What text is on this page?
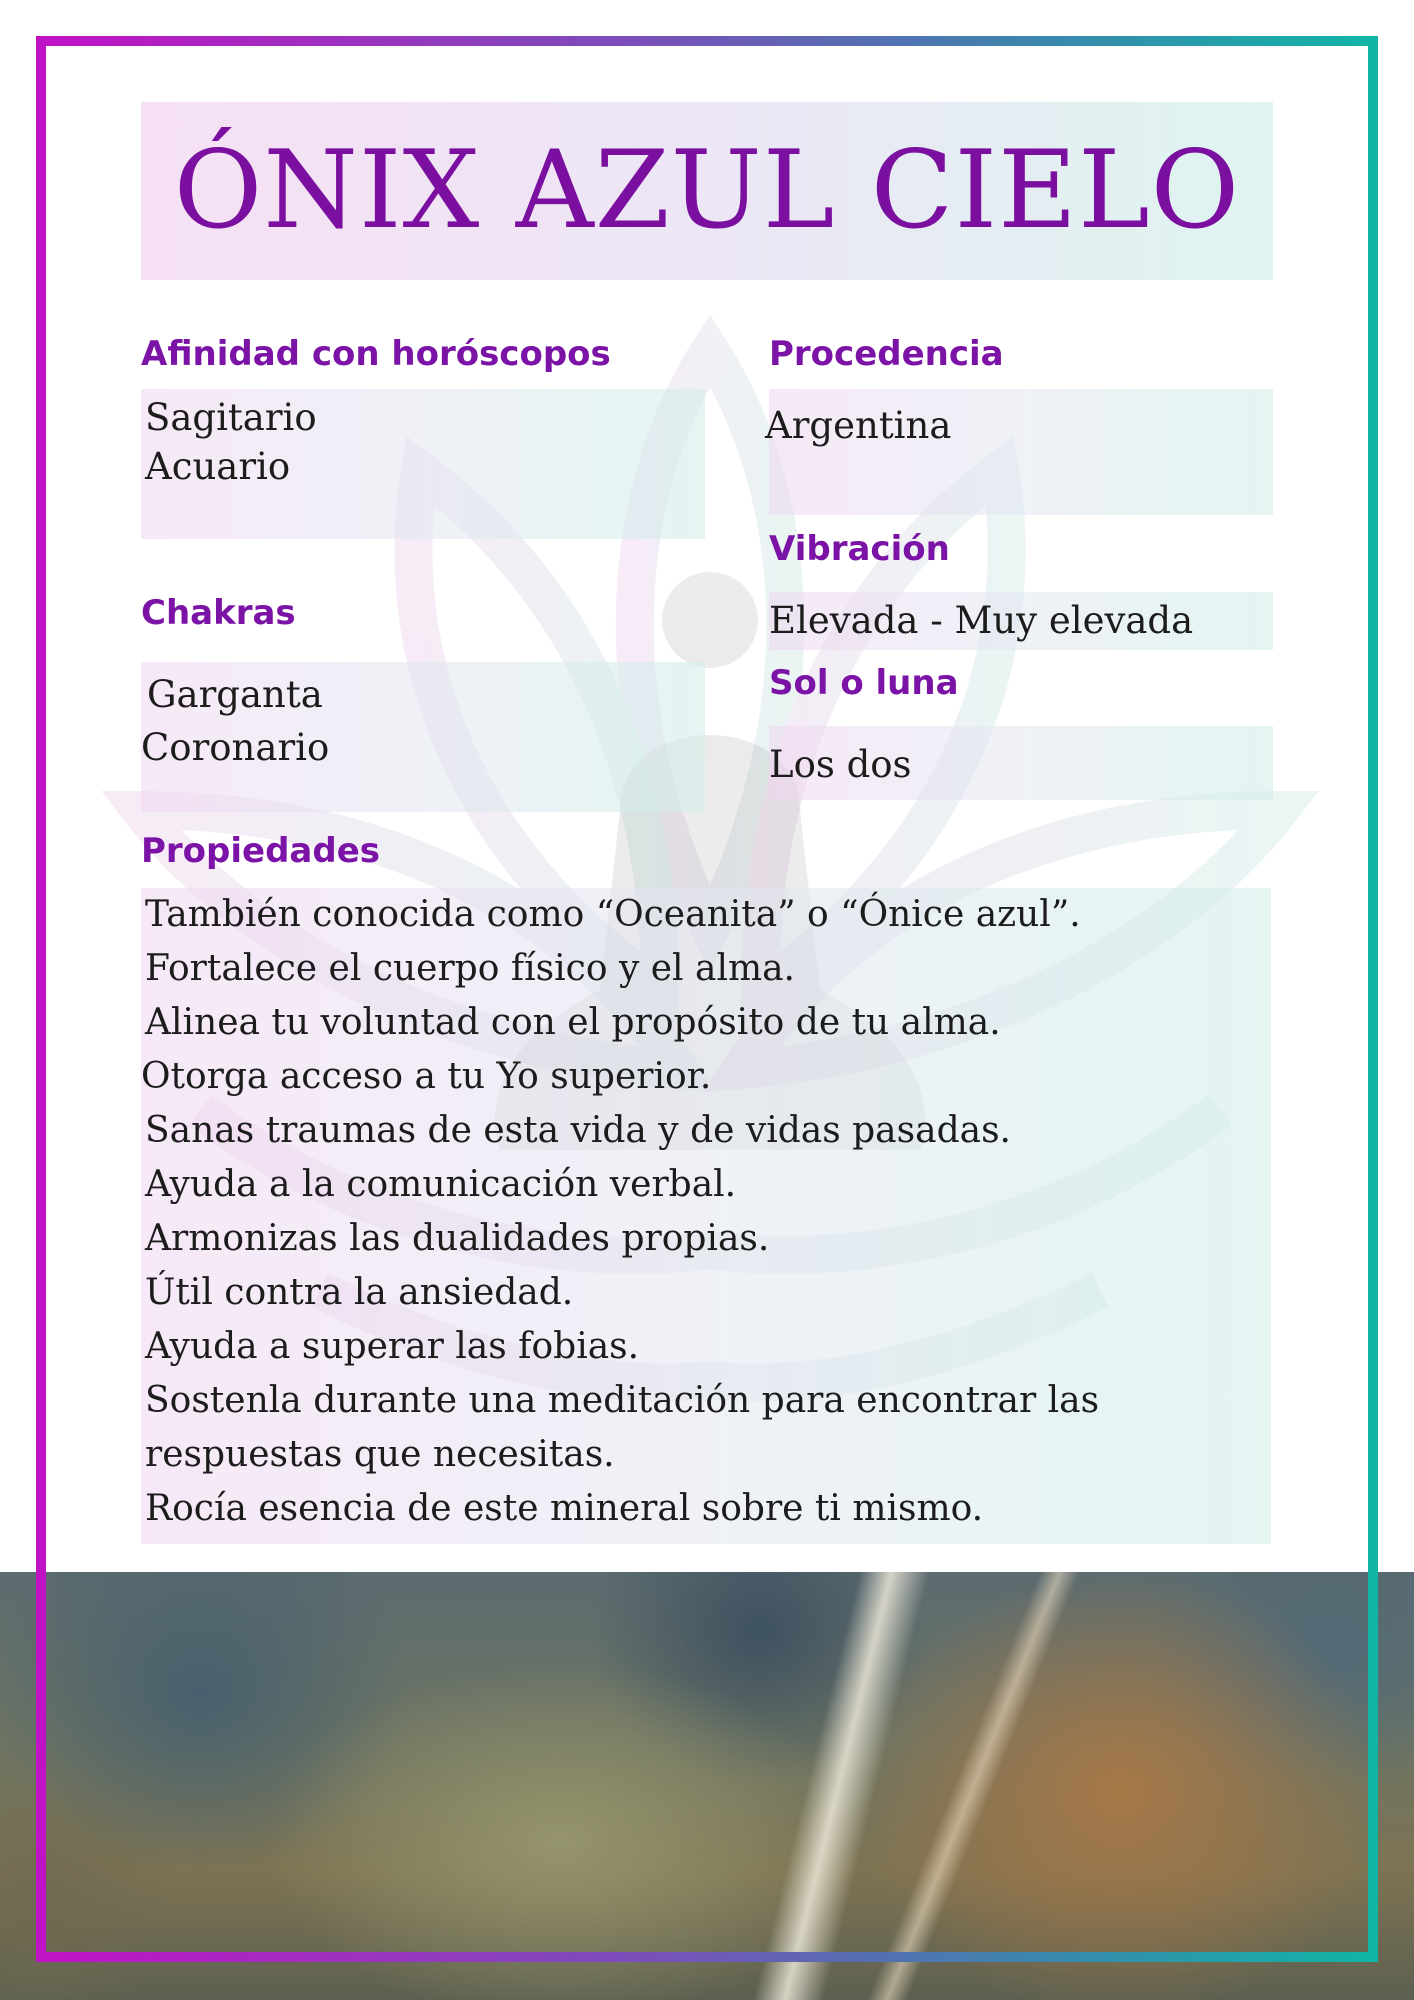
ÓNIX AZUL CIELO
Afinidad con horóscopos
Sagitario
Acuario
Procedencia
Argentina
Vibración
Elevada - Muy elevada
Chakras
Garganta
Coronario
Sol o luna
Los dos
Propiedades
También conocida como “Oceanita” o “Ónice azul”.
Fortalece el cuerpo físico y el alma.
Alinea tu voluntad con el propósito de tu alma.
Otorga acceso a tu Yo superior.
Sanas traumas de esta vida y de vidas pasadas.
Ayuda a la comunicación verbal.
Armonizas las dualidades propias.
Útil contra la ansiedad.
Ayuda a superar las fobias.
Sostenla durante una meditación para encontrar las
respuestas que necesitas.
Rocía esencia de este mineral sobre ti mismo.
